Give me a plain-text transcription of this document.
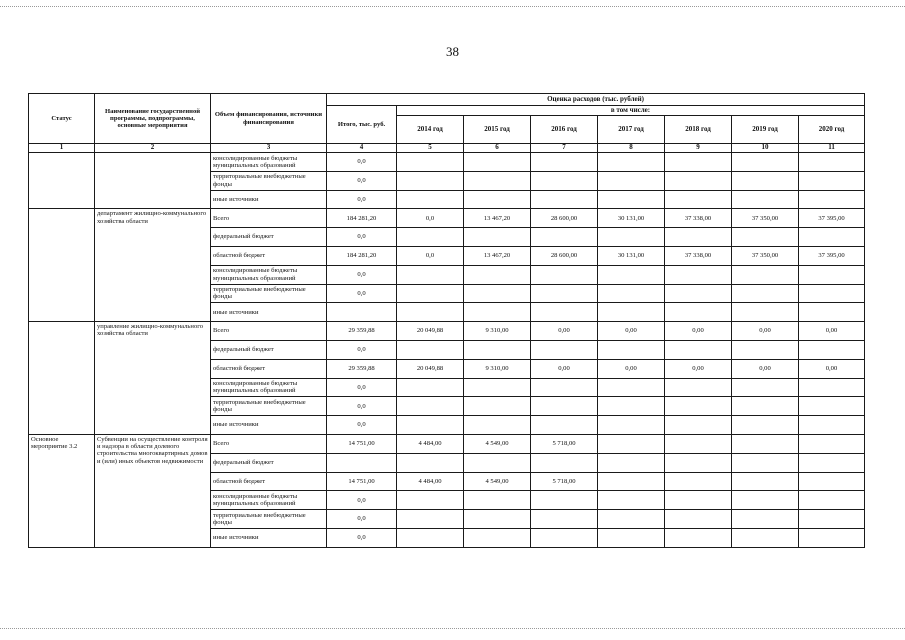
38
Статус	Наименование государственной программы, подпрограммы, основные мероприятия	Объем финансирования, источники финансирования	Оценка расходов (тыс. рублей)							
			Итого, тыс. руб.	в том числе:						
				2014 год	2015 год	2016 год	2017 год	2018 год	2019 год	2020 год
1	2	3	4	5	6	7	8	9	10	11
		консолидированные бюджеты муниципальных образований	0,0							
		территориальные внебюджетные фонды	0,0							
		иные источники	0,0							
	департамент жилищно-коммунального хозяйства области	Всего	184 281,20	0,0	13 467,20	28 600,00	30 131,00	37 338,00	37 350,00	37 395,00
		федеральный бюджет	0,0							
		областной бюджет	184 281,20	0,0	13 467,20	28 600,00	30 131,00	37 338,00	37 350,00	37 395,00
		консолидированные бюджеты муниципальных образований	0,0							
		территориальные внебюджетные фонды	0,0							
		иные источники								
	управление жилищно-коммунального хозяйства области	Всего	29 359,88	20 049,88	9 310,00	0,00	0,00	0,00	0,00	0,00
		федеральный бюджет	0,0							
		областной бюджет	29 359,88	20 049,88	9 310,00	0,00	0,00	0,00	0,00	0,00
		консолидированные бюджеты муниципальных образований	0,0							
		территориальные внебюджетные фонды	0,0							
		иные источники	0,0							
Основное мероприятие 3.2	Субвенции на осуществление контроля и надзора в области долевого строительства многоквартирных домов и (или) иных объектов недвижимости	Всего	14 751,00	4 484,00	4 549,00	5 718,00				
		федеральный бюджет								
		областной бюджет	14 751,00	4 484,00	4 549,00	5 718,00				
		консолидированные бюджеты муниципальных образований	0,0							
		территориальные внебюджетные фонды	0,0							
		иные источники	0,0							
